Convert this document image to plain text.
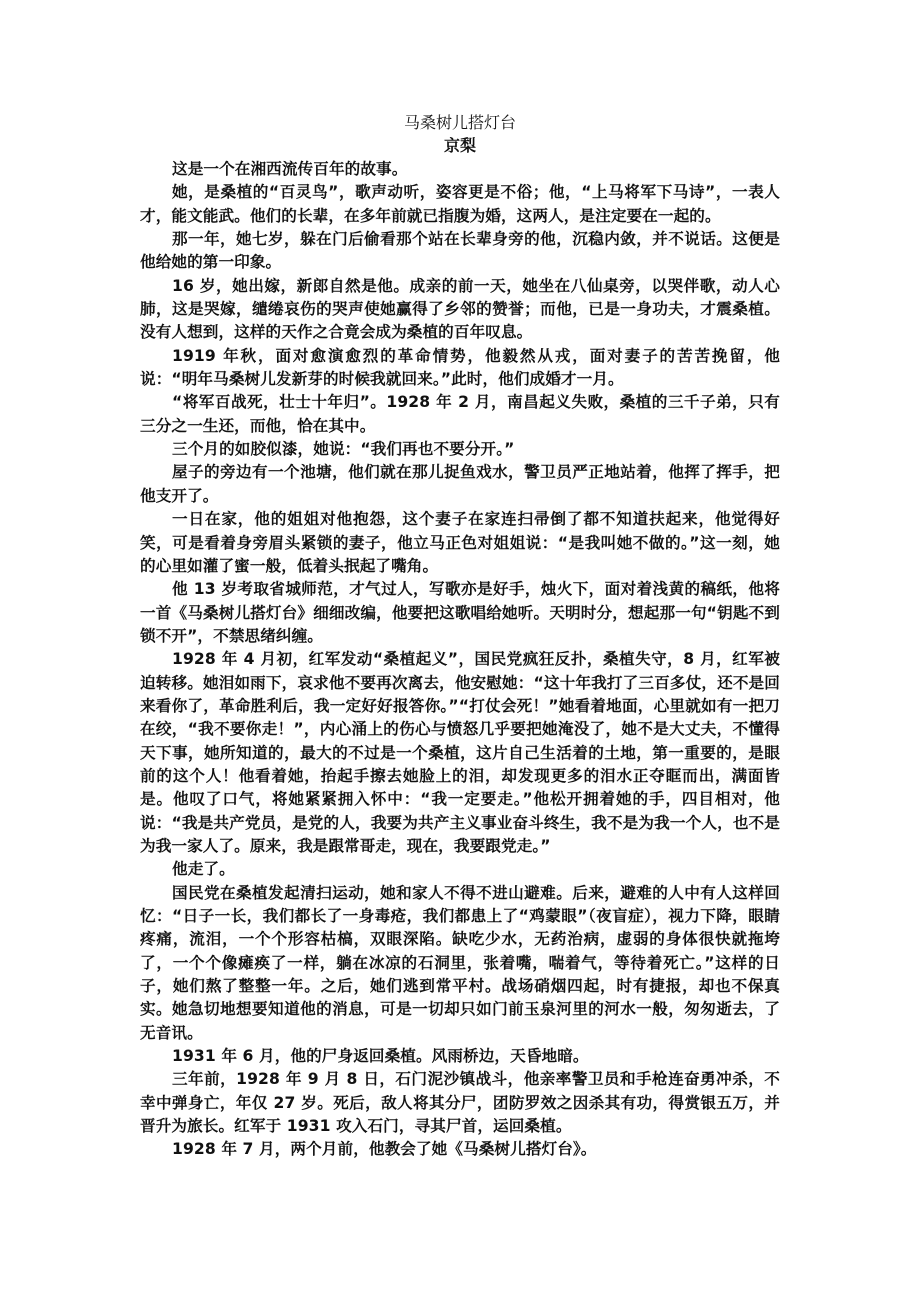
马桑树儿搭灯台
京梨

这是一个在湘西流传百年的故事。

她，是桑植的“百灵鸟”，歌声动听，姿容更是不俗；他，“上马将军下马诗”，一表人才，能文能武。他们的长辈，在多年前就已指腹为婚，这两人，是注定要在一起的。

那一年，她七岁，躲在门后偷看那个站在长辈身旁的他，沉稳内敛，并不说话。这便是他给她的第一印象。

16 岁，她出嫁，新郎自然是他。成亲的前一天，她坐在八仙桌旁，以哭伴歌，动人心肺，这是哭嫁，缱绻哀伤的哭声使她赢得了乡邻的赞誉；而他，已是一身功夫，才震桑植。没有人想到，这样的天作之合竟会成为桑植的百年叹息。

1919 年秋，面对愈演愈烈的革命情势，他毅然从戎，面对妻子的苦苦挽留，他说：“明年马桑树儿发新芽的时候我就回来。”此时，他们成婚才一月。

“将军百战死，壮士十年归”。1928 年 2 月，南昌起义失败，桑植的三千子弟，只有三分之一生还，而他，恰在其中。

三个月的如胶似漆，她说：“我们再也不要分开。”

屋子的旁边有一个池塘，他们就在那儿捉鱼戏水，警卫员严正地站着，他挥了挥手，把他支开了。

一日在家，他的姐姐对他抱怨，这个妻子在家连扫帚倒了都不知道扶起来，他觉得好笑，可是看着身旁眉头紧锁的妻子，他立马正色对姐姐说：“是我叫她不做的。”这一刻，她的心里如灌了蜜一般，低着头抿起了嘴角。

他 13 岁考取省城师范，才气过人，写歌亦是好手，烛火下，面对着浅黄的稿纸，他将一首《马桑树儿搭灯台》细细改编，他要把这歌唱给她听。天明时分，想起那一句“钥匙不到锁不开”，不禁思绪纠缠。

1928 年 4 月初，红军发动“桑植起义”，国民党疯狂反扑，桑植失守，8 月，红军被迫转移。她泪如雨下，哀求他不要再次离去，他安慰她：“这十年我打了三百多仗，还不是回来看你了，革命胜利后，我一定好好报答你。”“打仗会死！”她看着地面，心里就如有一把刀在绞，“我不要你走！”，内心涌上的伤心与愤怒几乎要把她淹没了，她不是大丈夫，不懂得天下事，她所知道的，最大的不过是一个桑植，这片自己生活着的土地，第一重要的，是眼前的这个人！他看着她，抬起手擦去她脸上的泪，却发现更多的泪水正夺眶而出，满面皆是。他叹了口气，将她紧紧拥入怀中：“我一定要走。”他松开拥着她的手，四目相对，他说：“我是共产党员，是党的人，我要为共产主义事业奋斗终生，我不是为我一个人，也不是为我一家人了。原来，我是跟常哥走，现在，我要跟党走。”

他走了。

国民党在桑植发起清扫运动，她和家人不得不进山避难。后来，避难的人中有人这样回忆：“日子一长，我们都长了一身毒疮，我们都患上了“鸡蒙眼”（夜盲症），视力下降，眼睛疼痛，流泪，一个个形容枯槁，双眼深陷。缺吃少水，无药治病，虚弱的身体很快就拖垮了，一个个像瘫痪了一样，躺在冰凉的石洞里，张着嘴，喘着气，等待着死亡。”这样的日子，她们熬了整整一年。之后，她们逃到常平村。战场硝烟四起，时有捷报，却也不保真实。她急切地想要知道他的消息，可是一切却只如门前玉泉河里的河水一般，匆匆逝去，了无音讯。

1931 年 6 月，他的尸身返回桑植。风雨桥边，天昏地暗。

三年前，1928 年 9 月 8 日，石门泥沙镇战斗，他亲率警卫员和手枪连奋勇冲杀，不幸中弹身亡，年仅 27 岁。死后，敌人将其分尸，团防罗效之因杀其有功，得赏银五万，并晋升为旅长。红军于 1931 攻入石门，寻其尸首，运回桑植。

1928 年 7 月，两个月前，他教会了她《马桑树儿搭灯台》。
